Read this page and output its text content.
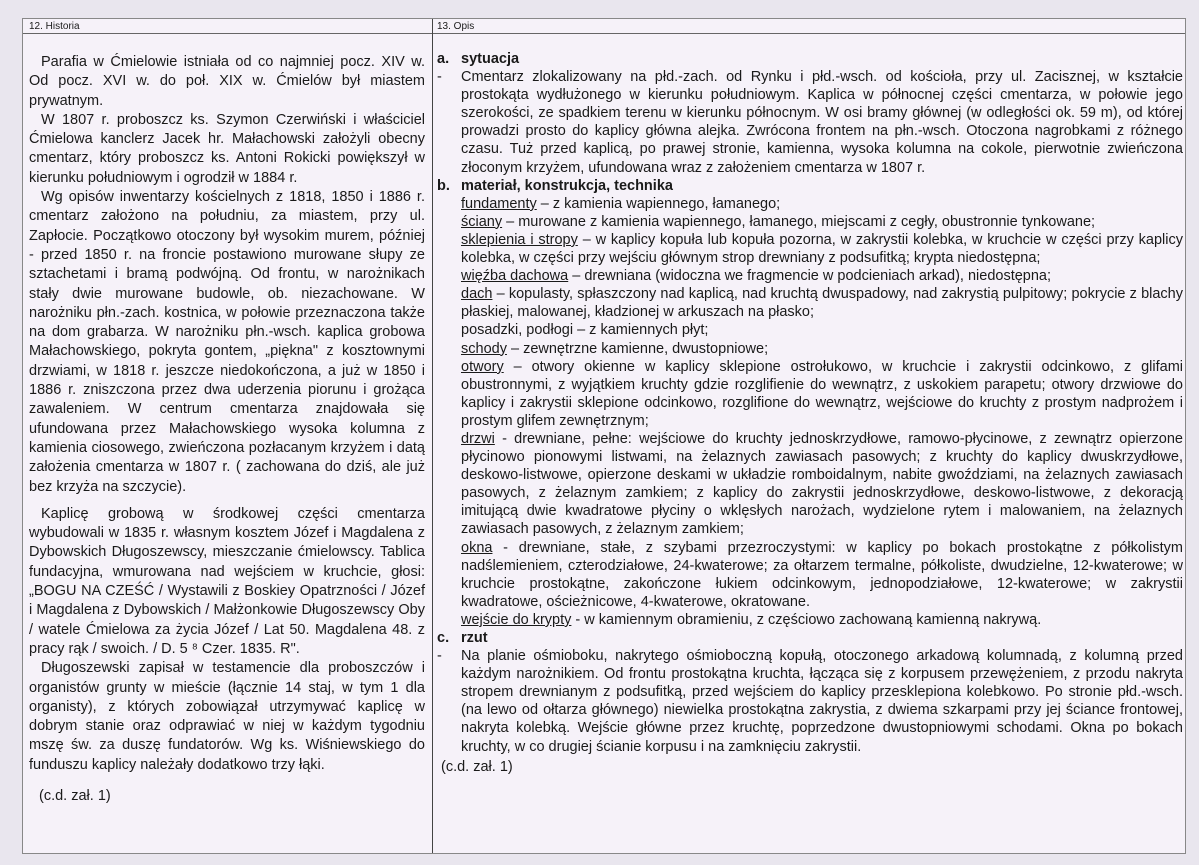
12. Historia	13. Opis

Parafia w Ćmielowie istniała od co najmniej pocz. XIV w. Od pocz. XVI w. do poł. XIX w. Ćmielów był miastem prywatnym.

W 1807 r. proboszcz ks. Szymon Czerwiński i właściciel Ćmielowa kanclerz Jacek hr. Małachowski założyli obecny cmentarz, który proboszcz ks. Antoni Rokicki powiększył w kierunku południowym i ogrodził w 1884 r.

Wg opisów inwentarzy kościelnych z 1818, 1850 i 1886 r. cmentarz założono na południu, za miastem, przy ul. Zapłocie. Początkowo otoczony był wysokim murem, później - przed 1850 r. na froncie postawiono murowane słupy ze sztachetami i bramą podwójną. Od frontu, w narożnikach stały dwie murowane budowle, ob. niezachowane. W narożniku płn.-zach. kostnica, w połowie przeznaczona także na dom grabarza. W narożniku płn.-wsch. kaplica grobowa Małachowskiego, pokryta gontem, „piękna" z kosztownymi drzwiami, w 1818 r. jeszcze niedokończona, a już w 1850 i 1886 r. zniszczona przez dwa uderzenia piorunu i grożąca zawaleniem. W centrum cmentarza znajdowała się ufundowana przez Małachowskiego wysoka kolumna z kamienia ciosowego, zwieńczona pozłacanym krzyżem i datą założenia cmentarza w 1807 r. ( zachowana do dziś, ale już bez krzyża na szczycie).

Kaplicę grobową w środkowej części cmentarza wybudowali w 1835 r. własnym kosztem Józef i Magdalena z Dybowskich Długoszewscy, mieszczanie ćmielowscy. Tablica fundacyjna, wmurowana nad wejściem w kruchcie, głosi: „BOGU NA CZEŚĆ / Wystawili z Boskiey Opatrzności / Józef i Magdalena z Dybowskich / Małżonkowie Długoszewscy Oby / watele Ćmielowa za życia Józef / Lat 50. Magdalena 48. z pracy rąk / swoich. / D. 5 ⁸ Czer. 1835. R".

Długoszewski zapisał w testamencie dla proboszczów i organistów grunty w mieście (łącznie 14 staj, w tym 1 dla organisty), z których zobowiązał utrzymywać kaplicę w dobrym stanie oraz odprawiać w niej w każdym tygodniu mszę św. za duszę fundatorów. Wg ks. Wiśniewskiego do funduszu kaplicy należały dodatkowo trzy łąki.

(c.d. zał. 1)
a. sytuacja
-	Cmentarz zlokalizowany na płd.-zach. od Rynku i płd.-wsch. od kościoła, przy ul. Zacisznej, w kształcie prostokąta wydłużonego w kierunku południowym. Kaplica w północnej części cmentarza, w połowie jego szerokości, ze spadkiem terenu w kierunku północnym. W osi bramy głównej (w odległości ok. 59 m), od której prowadzi prosto do kaplicy główna alejka. Zwrócona frontem na płn.-wsch. Otoczona nagrobkami z różnego czasu. Tuż przed kaplicą, po prawej stronie, kamienna, wysoka kolumna na cokole, pierwotnie zwieńczona złoconym krzyżem, ufundowana wraz z założeniem cmentarza w 1807 r.
b. materiał, konstrukcja, technika
fundamenty – z kamienia wapiennego, łamanego;
ściany – murowane z kamienia wapiennego, łamanego, miejscami z cegły, obustronnie tynkowane;
sklepienia i stropy – w kaplicy kopuła lub kopuła pozorna, w zakrystii kolebka, w kruchcie w części przy kaplicy kolebka, w części przy wejściu głównym strop drewniany z podsufitką; krypta niedostępna;
więźba dachowa – drewniana (widoczna we fragmencie w podcieniach arkad), niedostępna;
dach – kopulasty, spłaszczony nad kaplicą, nad kruchtą dwuspadowy, nad zakrystią pulpitowy; pokrycie z blachy płaskiej, malowanej, kładzionej w arkuszach na płasko;
posadzki, podłogi – z kamiennych płyt;
schody – zewnętrzne kamienne, dwustopniowe;
otwory – otwory okienne w kaplicy sklepione ostrołukowo, w kruchcie i zakrystii odcinkowo, z glifami obustronnymi, z wyjątkiem kruchty gdzie rozglifienie do wewnątrz, z uskokiem parapetu; otwory drzwiowe do kaplicy i zakrystii sklepione odcinkowo, rozglifione do wewnątrz, wejściowe do kruchty z prostym nadprożem i prostym glifem zewnętrznym;
drzwi - drewniane, pełne: wejściowe do kruchty jednoskrzydłowe, ramowo-płycinowe, z zewnątrz opierzone płycinowo pionowymi listwami, na żelaznych zawiasach pasowych; z kruchty do kaplicy dwuskrzydłowe, deskowo-listwowe, opierzone deskami w układzie romboidalnym, nabite gwoździami, na żelaznych zawiasach pasowych, z żelaznym zamkiem; z kaplicy do zakrystii jednoskrzydłowe, deskowo-listwowe, z dekoracją imitującą dwie kwadratowe płyciny o wklęsłych narożach, wydzielone rytem i malowaniem, na żelaznych zawiasach pasowych, z żelaznym zamkiem;
okna - drewniane, stałe, z szybami przezroczystymi: w kaplicy po bokach prostokątne z półkolistym nadślemieniem, czterodziałowe, 24-kwaterowe; za ołtarzem termalne, półkoliste, dwudzielne, 12-kwaterowe; w kruchcie prostokątne, zakończone łukiem odcinkowym, jednopodziałowe, 12-kwaterowe; w zakrystii kwadratowe, ościeżnicowe, 4-kwaterowe, okratowane.
wejście do krypty - w kamiennym obramieniu, z częściowo zachowaną kamienną nakrywą.
c. rzut
-	Na planie ośmioboku, nakrytego ośmioboczną kopułą, otoczonego arkadową kolumnadą, z kolumną przed każdym narożnikiem. Od frontu prostokątna kruchta, łącząca się z korpusem przewężeniem, z przodu nakryta stropem drewnianym z podsufitką, przed wejściem do kaplicy przesklepiona kolebkowo. Po stronie płd.-wsch. (na lewo od ołtarza głównego) niewielka prostokątna zakrystia, z dwiema szkarpami przy jej ściance frontowej, nakryta kolebką. Wejście główne przez kruchtę, poprzedzone dwustopniowymi schodami. Okna po bokach kruchty, w co drugiej ścianie korpusu i na zamknięciu zakrystii.
(c.d. zał. 1)
